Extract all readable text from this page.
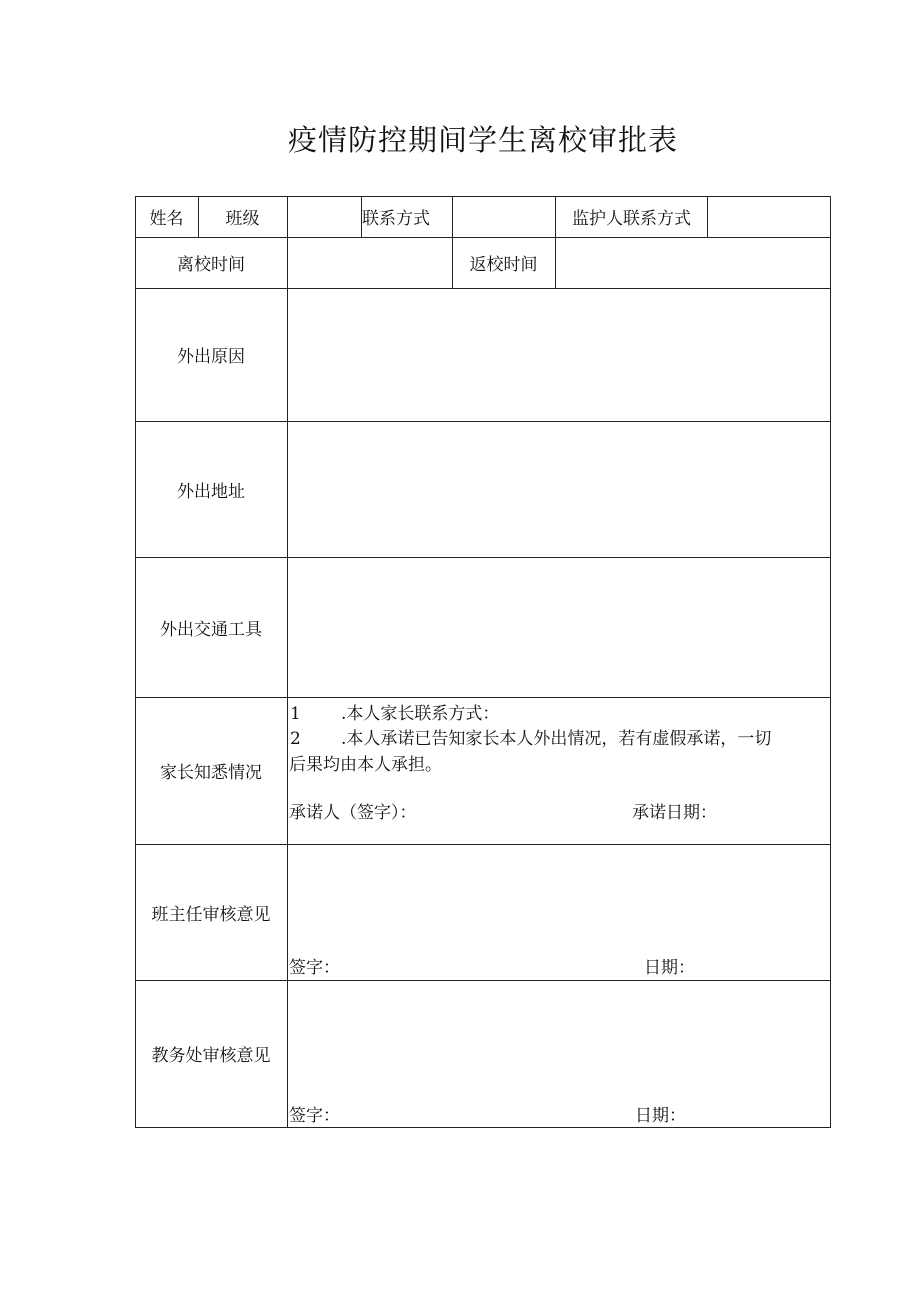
疫情防控期间学生离校审批表
姓名	班级	联系方式	监护人联系方式
离校时间	返校时间
外出原因
外出地址
外出交通工具
家长知悉情况
1 .本人家长联系方式：
2 .本人承诺已告知家长本人外出情况，若有虚假承诺，一切
后果均由本人承担。
承诺人（签字）：	承诺日期：
班主任审核意见
签字：	日期：
教务处审核意见
签字：	日期：
